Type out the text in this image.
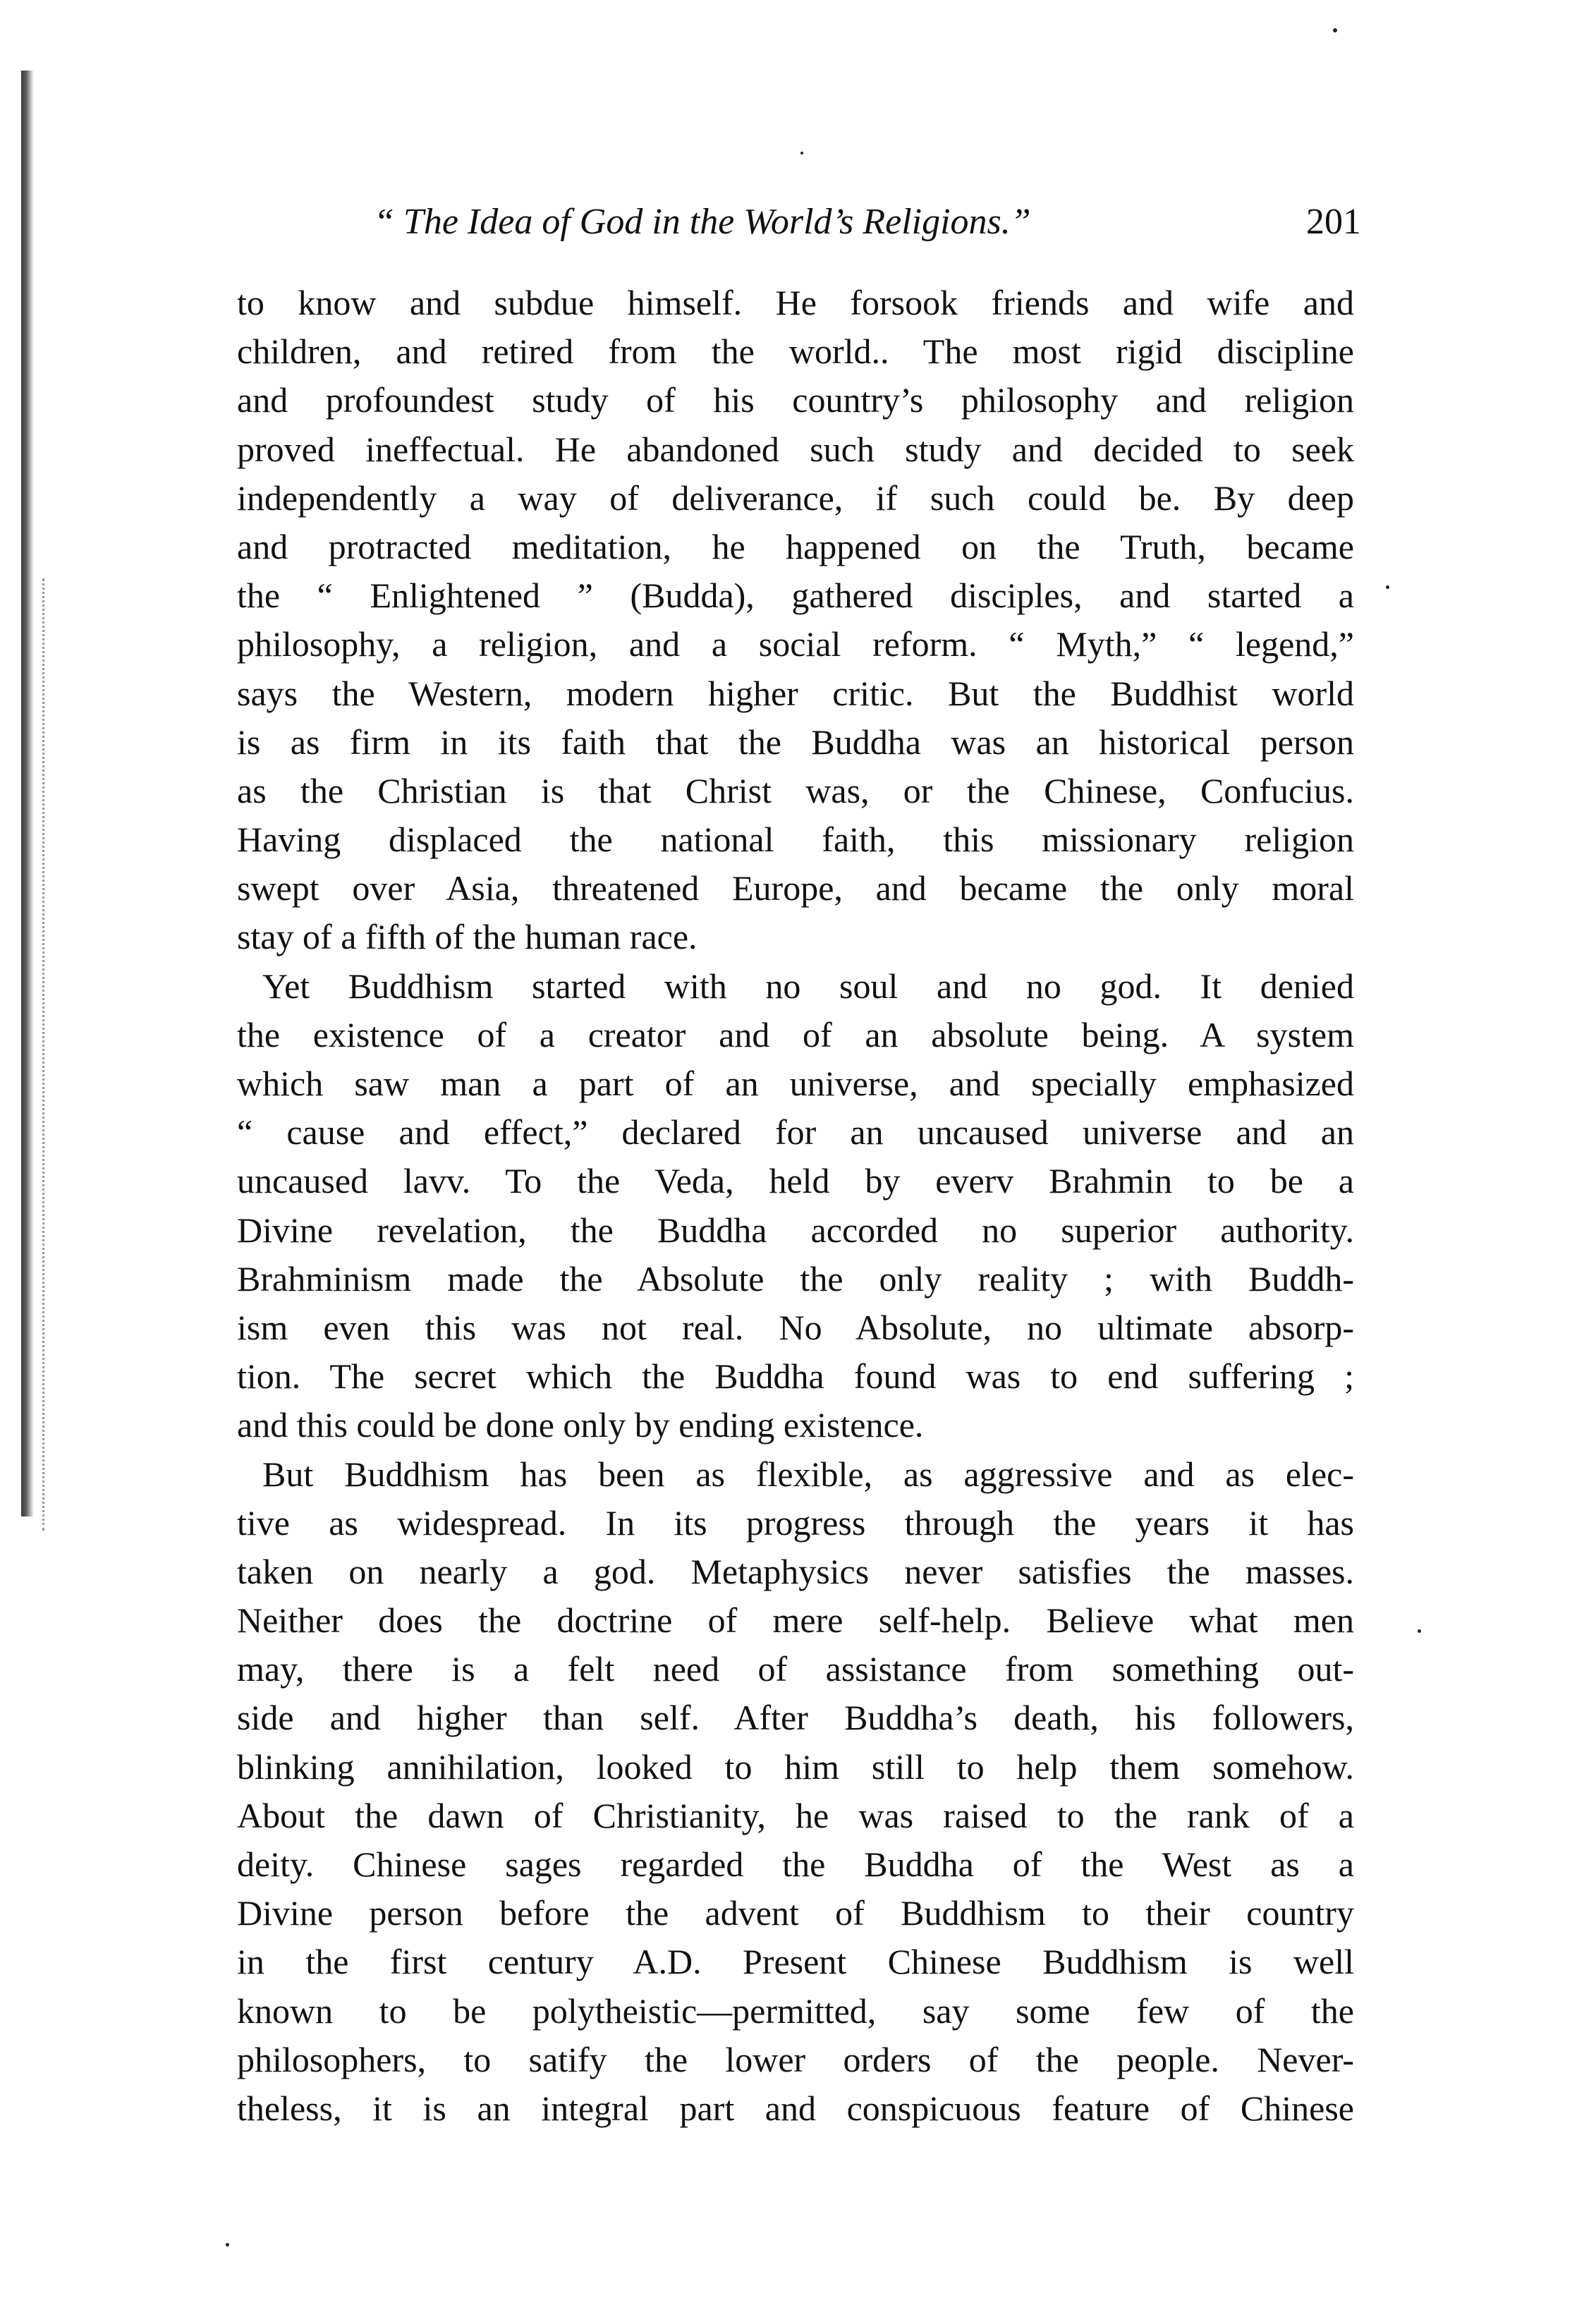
“ The Idea of God in the World’s Religions.”	201
to know and subdue himself. He forsook friends and wife and
children, and retired from the world.. The most rigid discipline
and profoundest study of his country’s philosophy and religion
proved ineffectual. He abandoned such study and decided to seek
independently a way of deliverance, if such could be. By deep
and protracted meditation, he happened on the Truth, became
the “ Enlightened ” (Budda), gathered disciples, and started a
philosophy, a religion, and a social reform. “ Myth,” “ legend,”
says the Western, modern higher critic. But the Buddhist world
is as firm in its faith that the Buddha was an historical person
as the Christian is that Christ was, or the Chinese, Confucius.
Having displaced the national faith, this missionary religion
swept over Asia, threatened Europe, and became the only moral
stay of a fifth of the human race.
Yet Buddhism started with no soul and no god. It denied
the existence of a creator and of an absolute being. A system
which saw man a part of an universe, and specially emphasized
“ cause and effect,” declared for an uncaused universe and an
uncaused lavv. To the Veda, held by everv Brahmin to be a
Divine revelation, the Buddha accorded no superior authority.
Brahminism made the Absolute the only reality ; with Buddh-
ism even this was not real. No Absolute, no ultimate absorp-
tion. The secret which the Buddha found was to end suffering ;
and this could be done only by ending existence.
But Buddhism has been as flexible, as aggressive and as elec-
tive as widespread. In its progress through the years it has
taken on nearly a god. Metaphysics never satisfies the masses.
Neither does the doctrine of mere self-help. Believe what men
may, there is a felt need of assistance from something out-
side and higher than self. After Buddha’s death, his followers,
blinking annihilation, looked to him still to help them somehow.
About the dawn of Christianity, he was raised to the rank of a
deity. Chinese sages regarded the Buddha of the West as a
Divine person before the advent of Buddhism to their country
in the first century A.D. Present Chinese Buddhism is well
known to be polytheistic—permitted, say some few of the
philosophers, to satify the lower orders of the people. Never-
theless, it is an integral part and conspicuous feature of Chinese
